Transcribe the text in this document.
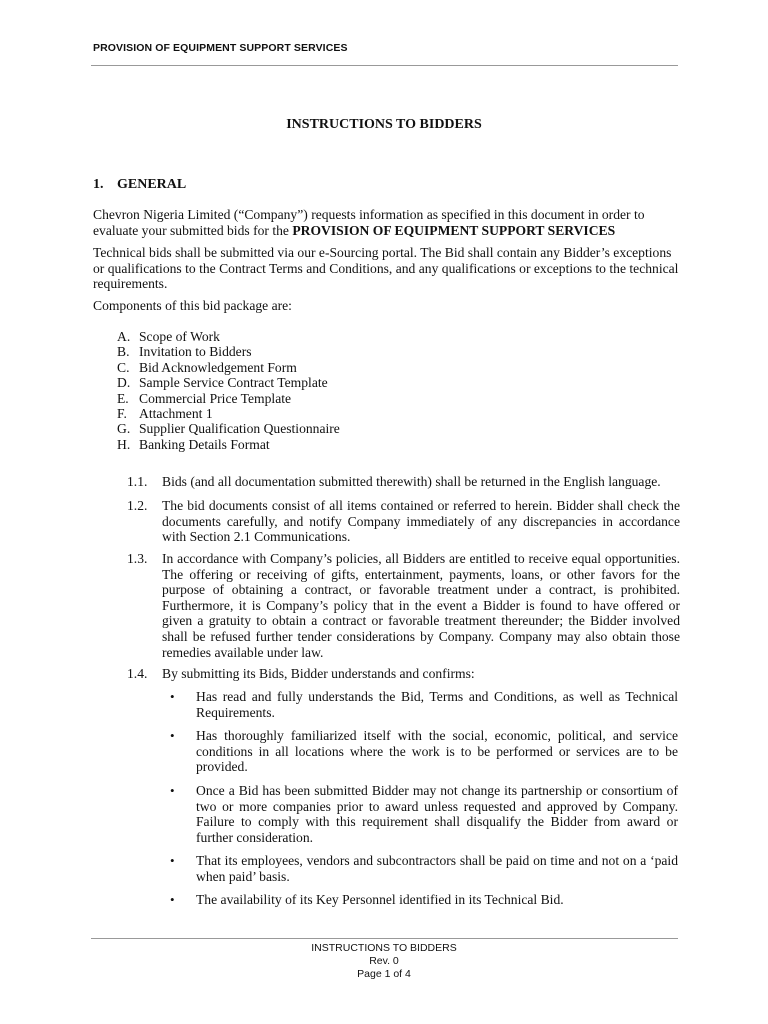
PROVISION OF EQUIPMENT SUPPORT SERVICES
INSTRUCTIONS TO BIDDERS
1. GENERAL
Chevron Nigeria Limited (“Company”) requests information as specified in this document in order to evaluate your submitted bids for the PROVISION OF EQUIPMENT SUPPORT SERVICES
Technical bids shall be submitted via our e-Sourcing portal. The Bid shall contain any Bidder’s exceptions or qualifications to the Contract Terms and Conditions, and any qualifications or exceptions to the technical requirements.
Components of this bid package are:
A. Scope of Work
B. Invitation to Bidders
C. Bid Acknowledgement Form
D. Sample Service Contract Template
E. Commercial Price Template
F. Attachment 1
G. Supplier Qualification Questionnaire
H. Banking Details Format
1.1.	Bids (and all documentation submitted therewith) shall be returned in the English language.
1.2.	The bid documents consist of all items contained or referred to herein. Bidder shall check the documents carefully, and notify Company immediately of any discrepancies in accordance with Section 2.1 Communications.
1.3.	In accordance with Company’s policies, all Bidders are entitled to receive equal opportunities. The offering or receiving of gifts, entertainment, payments, loans, or other favors for the purpose of obtaining a contract, or favorable treatment under a contract, is prohibited. Furthermore, it is Company’s policy that in the event a Bidder is found to have offered or given a gratuity to obtain a contract or favorable treatment thereunder; the Bidder involved shall be refused further tender considerations by Company. Company may also obtain those remedies available under law.
1.4.	By submitting its Bids, Bidder understands and confirms:
•	Has read and fully understands the Bid, Terms and Conditions, as well as Technical Requirements.
•	Has thoroughly familiarized itself with the social, economic, political, and service conditions in all locations where the work is to be performed or services are to be provided.
•	Once a Bid has been submitted Bidder may not change its partnership or consortium of two or more companies prior to award unless requested and approved by Company. Failure to comply with this requirement shall disqualify the Bidder from award or further consideration.
•	That its employees, vendors and subcontractors shall be paid on time and not on a ‘paid when paid’ basis.
•	The availability of its Key Personnel identified in its Technical Bid.
INSTRUCTIONS TO BIDDERS
Rev. 0
Page 1 of 4
